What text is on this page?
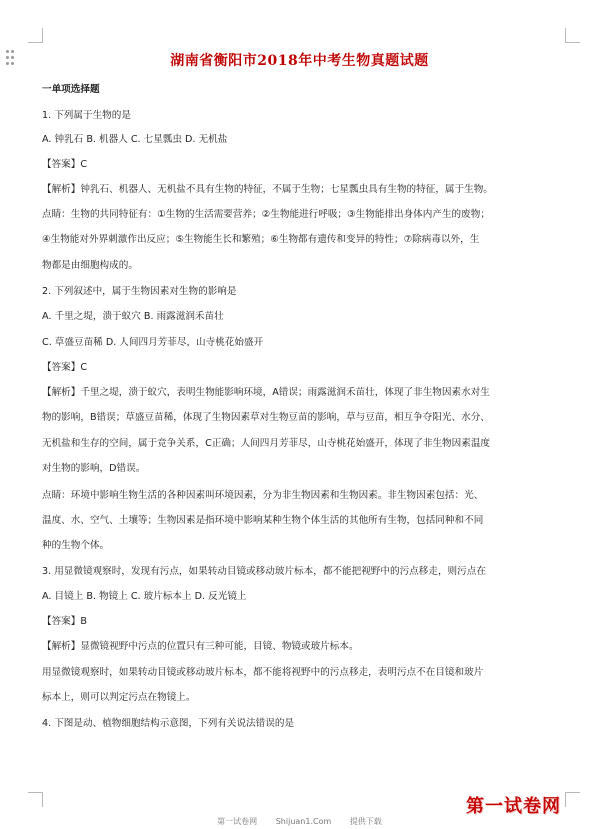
湖南省衡阳市2018年中考生物真题试题
一单项选择题
1. 下列属于生物的是
A. 钟乳石 B. 机器人 C. 七星瓢虫 D. 无机盐
【答案】C
【解析】钟乳石、机器人、无机盐不具有生物的特征，不属于生物；七星瓢虫具有生物的特征，属于生物。
点睛：生物的共同特征有：①生物的生活需要营养；②生物能进行呼吸；③生物能排出身体内产生的废物；
④生物能对外界刺激作出反应；⑤生物能生长和繁殖；⑥生物都有遗传和变异的特性；⑦除病毒以外，生
物都是由细胞构成的。
2. 下列叙述中，属于生物因素对生物的影响是
A. 千里之堤，溃于蚁穴 B. 雨露滋润禾苗壮
C. 草盛豆苗稀 D. 人间四月芳菲尽，山寺桃花始盛开
【答案】C
【解析】千里之堤，溃于蚁穴，表明生物能影响环境，A错误；雨露滋润禾苗壮，体现了非生物因素水对生
物的影响，B错误；草盛豆苗稀，体现了生物因素草对生物豆苗的影响，草与豆苗，相互争夺阳光、水分、
无机盐和生存的空间，属于竞争关系，C正确；人间四月芳菲尽，山寺桃花始盛开，体现了非生物因素温度
对生物的影响，D错误。
点睛：环境中影响生物生活的各种因素叫环境因素，分为非生物因素和生物因素。非生物因素包括：光、
温度、水、空气、土壤等；生物因素是指环境中影响某种生物个体生活的其他所有生物，包括同种和不同
种的生物个体。
3. 用显微镜观察时，发现有污点，如果转动目镜或移动玻片标本，都不能把视野中的污点移走，则污点在
A. 目镜上 B. 物镜上 C. 玻片标本上 D. 反光镜上
【答案】B
【解析】显微镜视野中污点的位置只有三种可能，目镜、物镜或玻片标本。
用显微镜观察时，如果转动目镜或移动玻片标本，都不能将视野中的污点移走，表明污点不在目镜和玻片
标本上，则可以判定污点在物镜上。
4. 下图是动、植物细胞结构示意图，下列有关说法错误的是
第一试卷网 Shijuan1.Com 提供下载
第一试卷网
